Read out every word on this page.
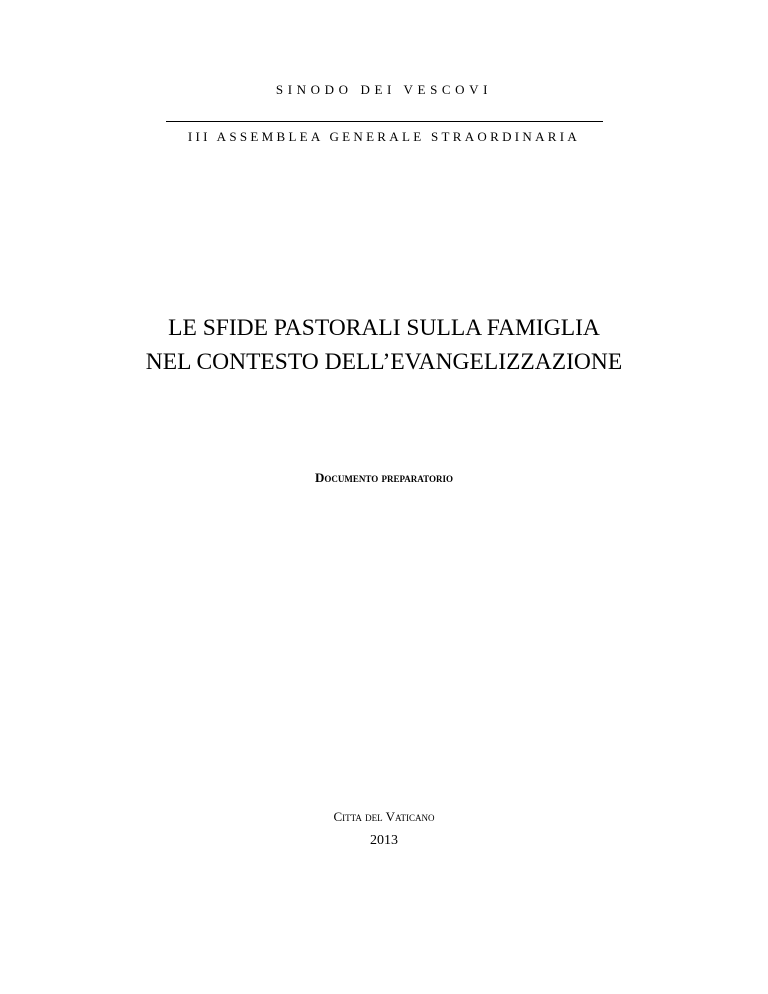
SINODO DEI VESCOVI
III ASSEMBLEA GENERALE STRAORDINARIA
LE SFIDE PASTORALI SULLA FAMIGLIA
NEL CONTESTO DELL’EVANGELIZZAZIONE
Documento preparatorio
Citta del Vaticano
2013
